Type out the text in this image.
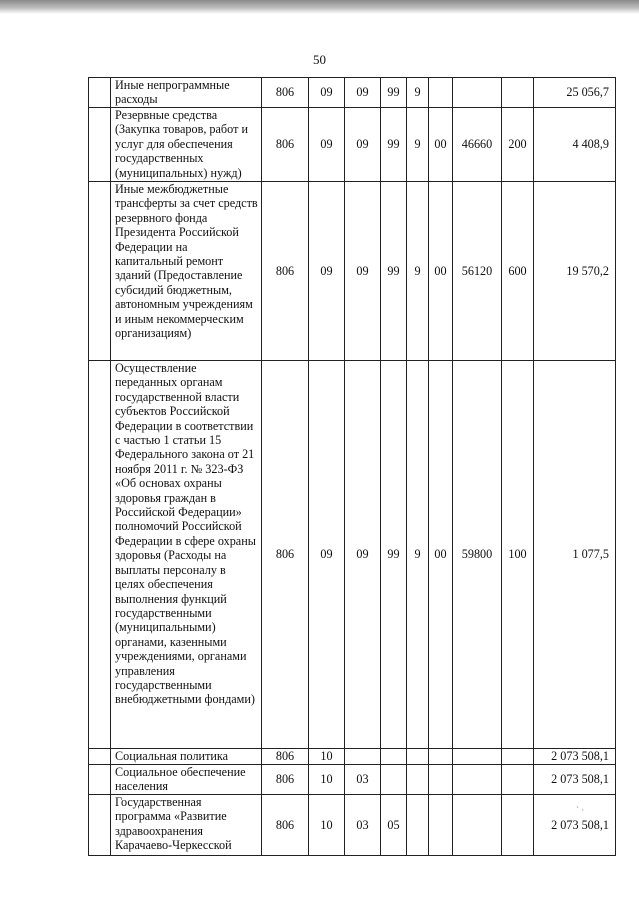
50
	Иные непрограммные расходы	806	09	09	99	9				25 056,7
	Резервные средства (Закупка товаров, работ и услуг для обеспечения государственных (муниципальных) нужд)	806	09	09	99	9	00	46660	200	4 408,9
	Иные межбюджетные трансферты за счет средств резервного фонда Президента Российской Федерации на капитальный ремонт зданий (Предоставление субсидий бюджетным, автономным учреждениям и иным некоммерческим организациям)	806	09	09	99	9	00	56120	600	19 570,2
	Осуществление переданных органам государственной власти субъектов Российской Федерации в соответствии с частью 1 статьи 15 Федерального закона от 21 ноября 2011 г. № 323-ФЗ «Об основах охраны здоровья граждан в Российской Федерации» полномочий Российской Федерации в сфере охраны здоровья (Расходы на выплаты персоналу в целях обеспечения выполнения функций государственными (муниципальными) органами, казенными учреждениями, органами управления государственными внебюджетными фондами)	806	09	09	99	9	00	59800	100	1 077,5
	Социальная политика	806	10							2 073 508,1
	Социальное обеспечение населения	806	10	03						2 073 508,1
	Государственная программа «Развитие здравоохранения Карачаево-Черкесской	806	10	03	05					2 073 508,1
` ·
